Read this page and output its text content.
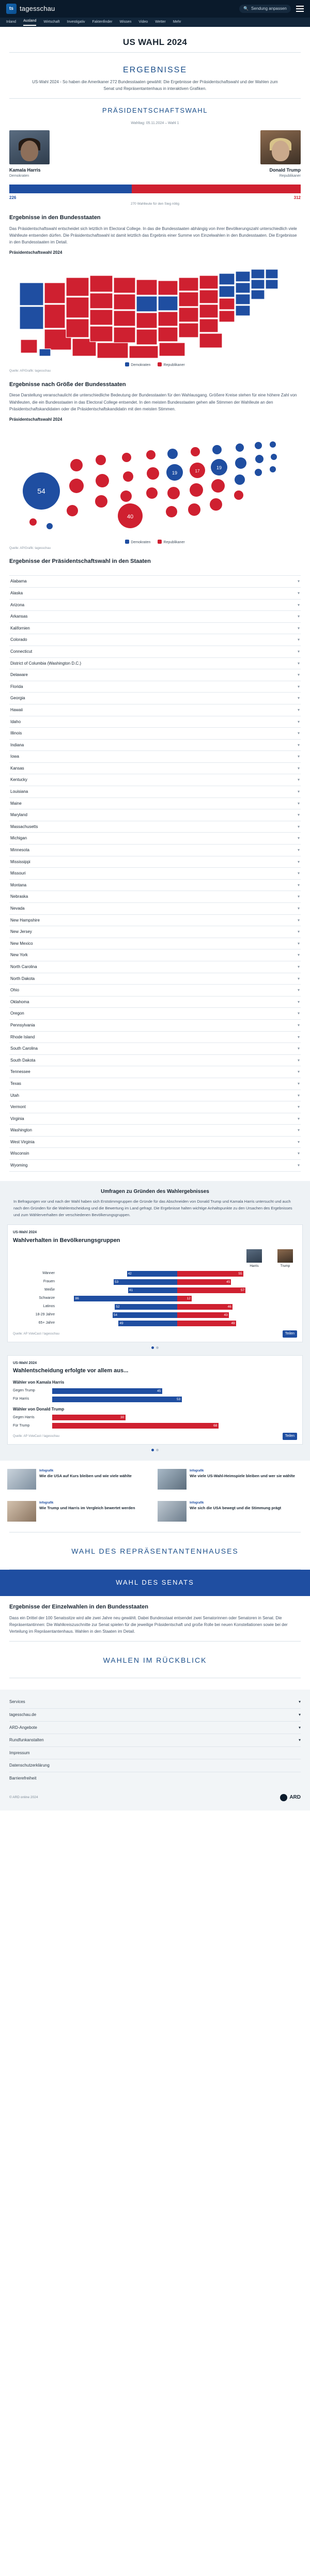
ts tagesschau	🔍 Sendung anpassen
Inland Ausland Wirtschaft Investigativ Faktenfinder Wissen Video Wetter Mehr
US WAHL 2024
ERGEBNISSE
US-Wahl 2024 - So haben die Amerikaner 272 Bundesstaaten gewählt: Die Ergebnisse der Präsidentschaftswahl und der Wahlen zum Senat und Repräsentantenhaus in interaktiven Grafiken.
PRÄSIDENTSCHAFTSWAHL
Wahltag: 05.11.2024 – Wahl 1
Kamala Harris
Demokraten
Donald Trump
Republikaner
226	312
270 Wahlleute für den Sieg nötig
Ergebnisse in den Bundesstaaten

Das Präsidentschaftswahl entscheidet sich letztlich im Electoral College. In das die Bundesstaaten abhängig von ihrer Bevölkerungszahl unterschiedlich viele Wahlleute entsenden dürfen. Die Präsidentschaftswahl ist damit letztlich das Ergebnis einer Summe von Einzelwahlen in den Bundesstaaten. Die Ergebnisse in den Bundesstaaten im Detail.

Präsidentschaftswahl 2024
Demokraten	Republikaner
Quelle: AP/Grafik: tagesschau
Ergebnisse nach Größe der Bundesstaaten

Diese Darstellung veranschaulicht die unterschiedliche Bedeutung der Bundesstaaten für den Wahlausgang. Größere Kreise stehen für eine höhere Zahl von Wahlleuten, die ein Bundesstaaten in das Electoral College entsendet. In den meisten Bundesstaaten gehen alle Stimmen der Wahlleute an den Präsidentschaftskandidaten oder die Präsidentschaftskandidatin mit den meisten Stimmen.

Präsidentschaftswahl 2024
54
40
19	17
19
Demokraten	Republikaner
Quelle: AP/Grafik: tagesschau
Ergebnisse der Präsidentschaftswahl in den Staaten
Alabama	▾
Alaska	▾
Arizona	▾
Arkansas	▾
Kalifornien	▾
Colorado	▾
Connecticut	▾
District of Columbia (Washington D.C.)	▾
Delaware	▾
Florida	▾
Georgia	▾
Hawaii	▾
Idaho	▾
Illinois	▾
Indiana	▾
Iowa	▾
Kansas	▾
Kentucky	▾
Louisiana	▾
Maine	▾
Maryland	▾
Massachusetts	▾
Michigan	▾
Minnesota	▾
Mississippi	▾
Missouri	▾
Montana	▾
Nebraska	▾
Nevada	▾
New Hampshire	▾
New Jersey	▾
New Mexico	▾
New York	▾
North Carolina	▾
North Dakota	▾
Ohio	▾
Oklahoma	▾
Oregon	▾
Pennsylvania	▾
Rhode Island	▾
South Carolina	▾
South Dakota	▾
Tennessee	▾
Texas	▾
Utah	▾
Vermont	▾
Virginia	▾
Washington	▾
West Virginia	▾
Wisconsin	▾
Wyoming	▾
Umfragen zu Gründen des Wahlergebnisses
In Befragungen vor und nach der Wahl haben sich Erststimmgruppen die Gründe für das Abschneiden von Donald Trump und Kamala Harris untersucht und auch nach den Gründen für die Wahlentscheidung und die Bewertung im Land gefragt. Die Ergebnisse halten wichtige Anhaltspunkte zu den Ursachen des Ergebnisses und zum Wählerverhalten der verschiedenen Bevölkerungsgruppen.
US-Wahl 2024
Wahlverhalten in Bevölkerungsgruppen
Harris	Trump
Männer	42	55
Frauen	53	45
Weiße	41	57
Schwarze	86	12
Latinos	52	46
18-29 Jahre	54	43
65+ Jahre	49	49
Quelle: AP VoteCast / tagesschau	Teilen
US-Wahl 2024
Wahlentscheidung erfolgte vor allem aus...
Wähler von Kamala Harris
Gegen Trump	45
Für Harris	53
Wähler von Donald Trump
Gegen Harris	30
Für Trump	68
Quelle: AP VoteCast / tagesschau	Teilen
Infografik
Wie die USA auf Kurs bleiben und wie viele wählte
Infografik
Wie viele US-Wahl-Heimspiele bleiben und wer sie wählte
Infografik
Wie Trump und Harris im Vergleich bewertet werden
Infografik
Wie sich die USA bewegt und die Stimmung prägt
WAHL DES REPRÄSENTANTENHAUSES
WAHL DES SENATS
Ergebnisse der Einzelwahlen in den Bundesstaaten

Dass ein Drittel der 100 Senatssitze wird alle zwei Jahre neu gewählt. Dabei Bundesstaat entsendet zwei Senatorinnen oder Senatoren in Senat. Die Repräsentantinnen: Die Wahlkreiszuschnitte zur Senat spielen für die jeweilige Präsidentschaft und große Rolle bei neuen Konstellationen sowie bei der Verteilung im Repräsentantenhaus. Wahlen in den Staaten im Detail.

WAHLEN IM RÜCKBLICK
Services	▾
tagesschau.de	▾
ARD-Angebote	▾
Rundfunkanstalten	▾
Impressum
Datenschutzerklärung
Barrierefreiheit
© ARD online 2024	ARD
